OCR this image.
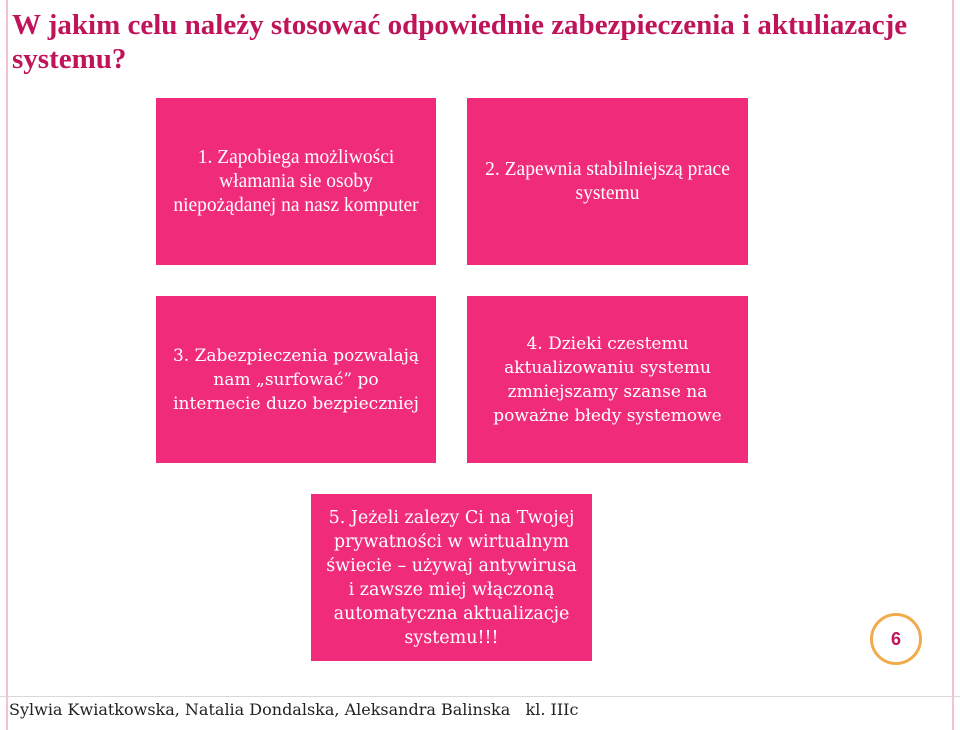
W jakim celu należy stosować odpowiednie zabezpieczenia i aktuliazacje systemu?
1. Zapobiega możliwości włamania sie osoby niepożądanej na nasz komputer
2. Zapewnia stabilniejszą prace systemu
3. Zabezpieczenia pozwalają nam „surfować” po internecie duzo bezpieczniej
4. Dzieki czestemu aktualizowaniu systemu zmniejszamy szanse na poważne błedy systemowe
5. Jeżeli zalezy Ci na Twojej prywatności w wirtualnym świecie – używaj antywirusa i zawsze miej włączoną automatyczna aktualizacje systemu!!!	6
Sylwia Kwiatkowska, Natalia Dondalska, Aleksandra Balinska   kl. IIIc
